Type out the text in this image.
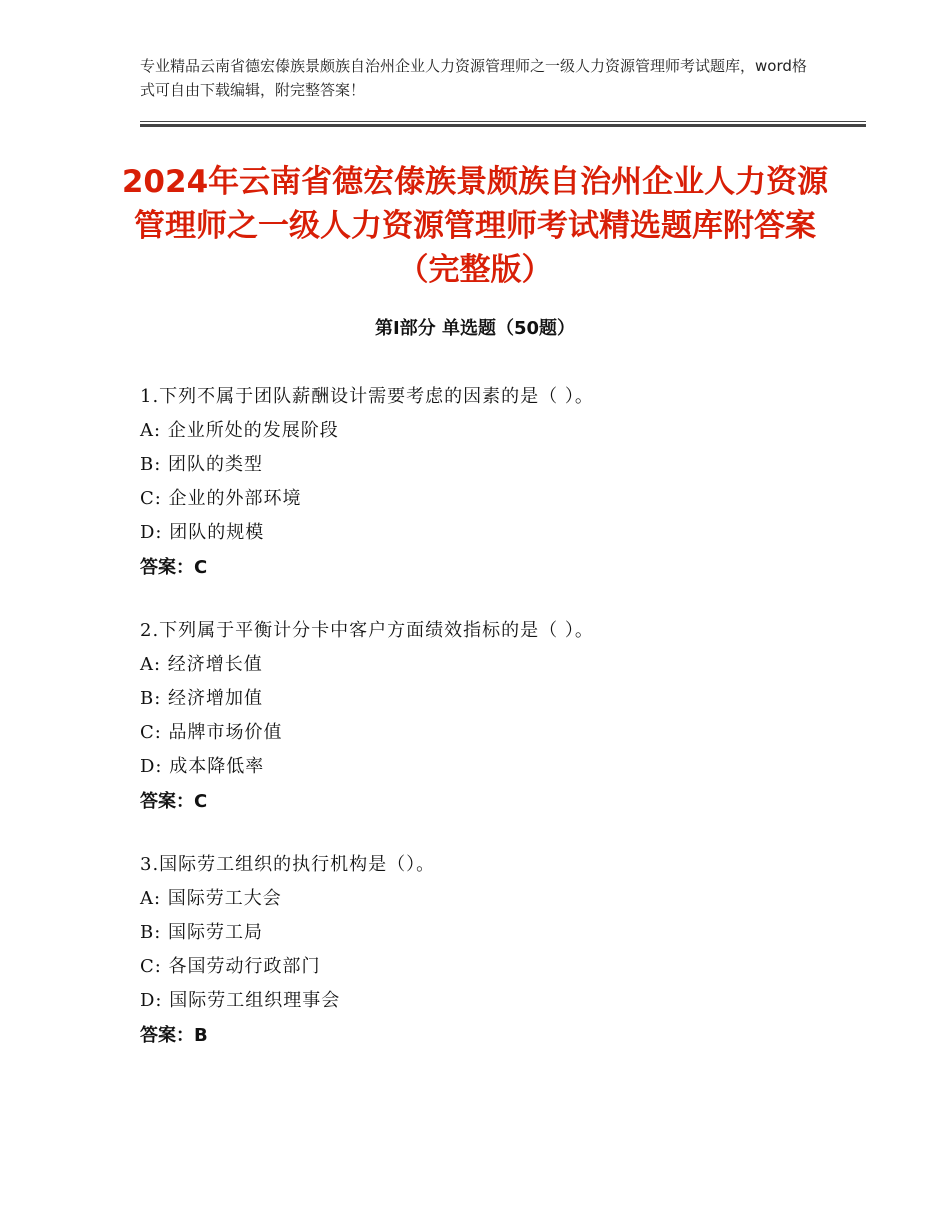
专业精品云南省德宏傣族景颇族自治州企业人力资源管理师之一级人力资源管理师考试题库，word格式可自由下载编辑，附完整答案！
2024年云南省德宏傣族景颇族自治州企业人力资源管理师之一级人力资源管理师考试精选题库附答案（完整版）
第Ⅰ部分 单选题（50题）
1.下列不属于团队薪酬设计需要考虑的因素的是（ ）。
A: 企业所处的发展阶段
B: 团队的类型
C: 企业的外部环境
D: 团队的规模
答案：C
2.下列属于平衡计分卡中客户方面绩效指标的是（ ）。
A: 经济增长值
B: 经济增加值
C: 品牌市场价值
D: 成本降低率
答案：C
3.国际劳工组织的执行机构是（）。
A: 国际劳工大会
B: 国际劳工局
C: 各国劳动行政部门
D: 国际劳工组织理事会
答案：B
